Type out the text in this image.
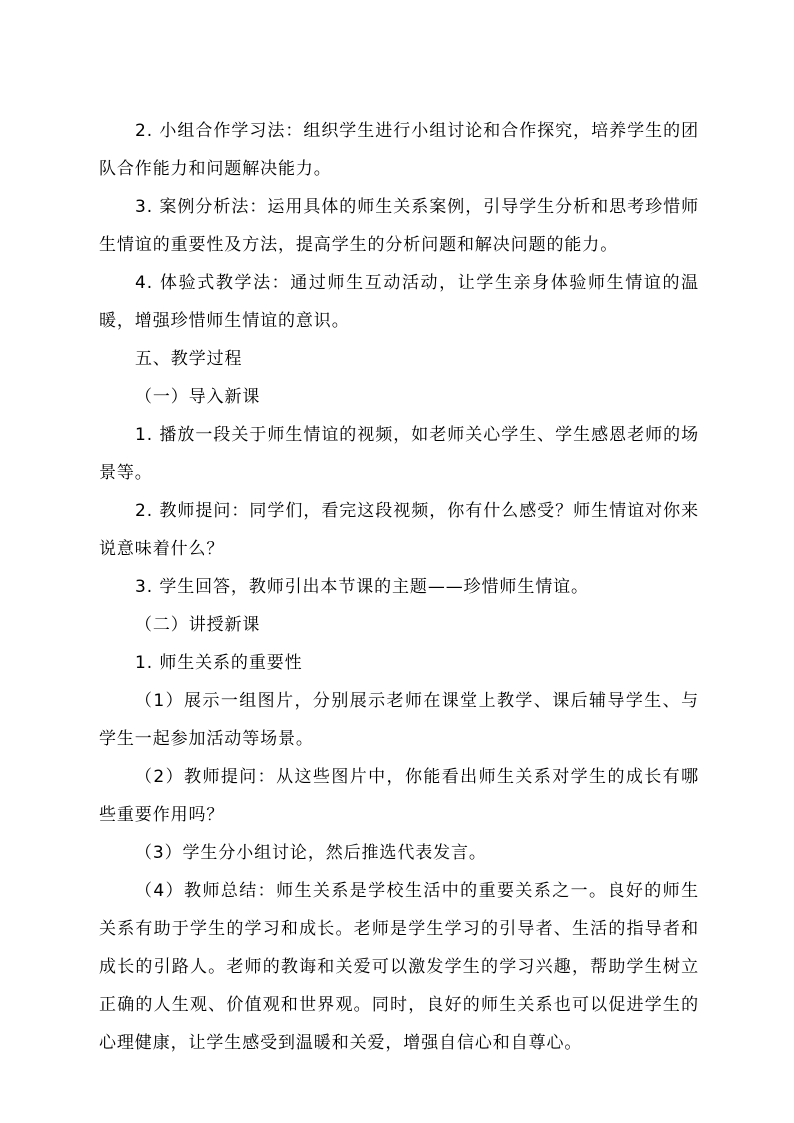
2. 小组合作学习法：组织学生进行小组讨论和合作探究，培养学生的团队合作能力和问题解决能力。

3. 案例分析法：运用具体的师生关系案例，引导学生分析和思考珍惜师生情谊的重要性及方法，提高学生的分析问题和解决问题的能力。

4. 体验式教学法：通过师生互动活动，让学生亲身体验师生情谊的温暖，增强珍惜师生情谊的意识。

五、教学过程

（一）导入新课

1. 播放一段关于师生情谊的视频，如老师关心学生、学生感恩老师的场景等。

2. 教师提问：同学们，看完这段视频，你有什么感受？师生情谊对你来说意味着什么？

3. 学生回答，教师引出本节课的主题——珍惜师生情谊。

（二）讲授新课

1. 师生关系的重要性

（1）展示一组图片，分别展示老师在课堂上教学、课后辅导学生、与学生一起参加活动等场景。

（2）教师提问：从这些图片中，你能看出师生关系对学生的成长有哪些重要作用吗？

（3）学生分小组讨论，然后推选代表发言。

（4）教师总结：师生关系是学校生活中的重要关系之一。良好的师生关系有助于学生的学习和成长。老师是学生学习的引导者、生活的指导者和成长的引路人。老师的教诲和关爱可以激发学生的学习兴趣，帮助学生树立正确的人生观、价值观和世界观。同时，良好的师生关系也可以促进学生的心理健康，让学生感受到温暖和关爱，增强自信心和自尊心。
